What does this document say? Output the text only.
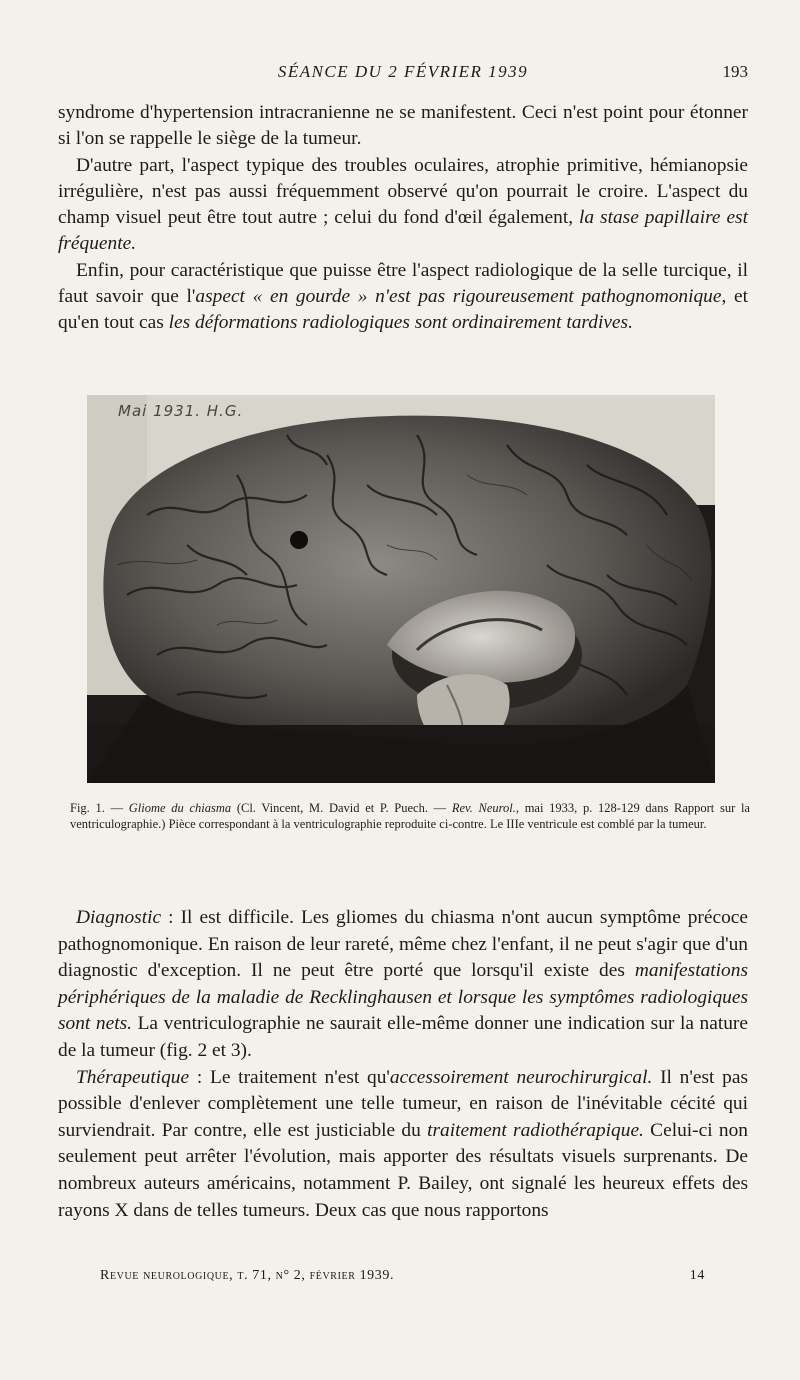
SÉANCE DU 2 FÉVRIER 1939	193

syndrome d'hypertension intracranienne ne se manifestent. Ceci n'est point pour étonner si l'on se rappelle le siège de la tumeur.

D'autre part, l'aspect typique des troubles oculaires, atrophie primitive, hémianopsie irrégulière, n'est pas aussi fréquemment observé qu'on pourrait le croire. L'aspect du champ visuel peut être tout autre ; celui du fond d'œil également, la stase papillaire est fréquente.

Enfin, pour caractéristique que puisse être l'aspect radiologique de la selle turcique, il faut savoir que l'aspect « en gourde » n'est pas rigoureusement pathognomonique, et qu'en tout cas les déformations radiologiques sont ordinairement tardives.

Mai 1931. H.G.
Fig. 1. — Gliome du chiasma (Cl. Vincent, M. David et P. Puech. — Rev. Neurol., mai 1933, p. 128-129 dans Rapport sur la ventriculographie.) Pièce correspondant à la ventriculographie reproduite ci-contre. Le IIIe ventricule est comblé par la tumeur.

Diagnostic : Il est difficile. Les gliomes du chiasma n'ont aucun symptôme précoce pathognomonique. En raison de leur rareté, même chez l'enfant, il ne peut s'agir que d'un diagnostic d'exception. Il ne peut être porté que lorsqu'il existe des manifestations périphériques de la maladie de Recklinghausen et lorsque les symptômes radiologiques sont nets. La ventriculographie ne saurait elle-même donner une indication sur la nature de la tumeur (fig. 2 et 3).

Thérapeutique : Le traitement n'est qu'accessoirement neurochirurgical. Il n'est pas possible d'enlever complètement une telle tumeur, en raison de l'inévitable cécité qui surviendrait. Par contre, elle est justiciable du traitement radiothérapique. Celui-ci non seulement peut arrêter l'évolution, mais apporter des résultats visuels surprenants. De nombreux auteurs américains, notamment P. Bailey, ont signalé les heureux effets des rayons X dans de telles tumeurs. Deux cas que nous rapportons

Revue neurologique, t. 71, n° 2, février 1939.	14
